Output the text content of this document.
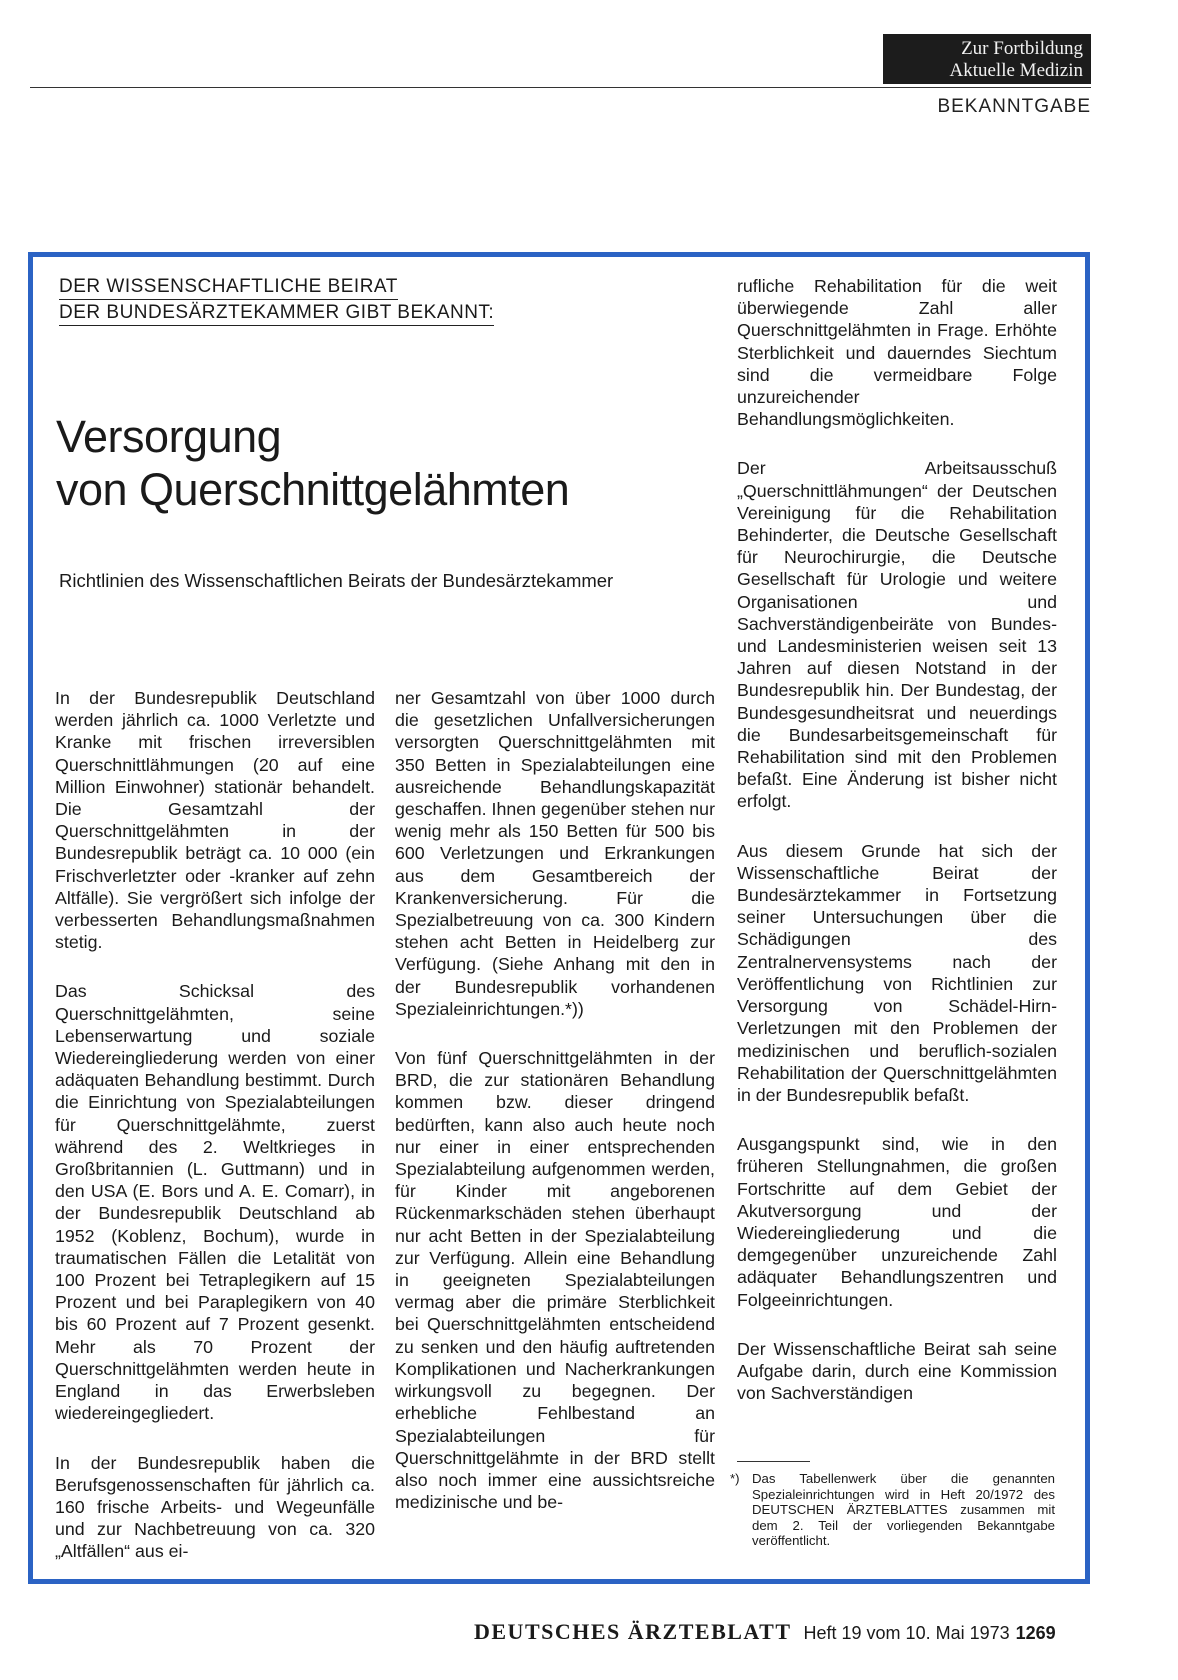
Zur Fortbildung
Aktuelle Medizin
BEKANNTGABE
DER WISSENSCHAFTLICHE BEIRAT
DER BUNDESÄRZTEKAMMER GIBT BEKANNT:
Versorgung
von Querschnittgelähmten
Richtlinien des Wissenschaftlichen Beirats der Bundesärztekammer

In der Bundesrepublik Deutschland werden jährlich ca. 1000 Verletzte und Kranke mit frischen irreversiblen Querschnittlähmungen (20 auf eine Million Einwohner) stationär behandelt. Die Gesamtzahl der Querschnittgelähmten in der Bundesrepublik beträgt ca. 10 000 (ein Frischverletzter oder -kranker auf zehn Altfälle). Sie vergrößert sich infolge der verbesserten Behandlungsmaßnahmen stetig.

Das Schicksal des Querschnittgelähmten, seine Lebenserwartung und soziale Wiedereingliederung werden von einer adäquaten Behandlung bestimmt. Durch die Einrichtung von Spezialabteilungen für Querschnittgelähmte, zuerst während des 2. Weltkrieges in Großbritannien (L. Guttmann) und in den USA (E. Bors und A. E. Comarr), in der Bundesrepublik Deutschland ab 1952 (Koblenz, Bochum), wurde in traumatischen Fällen die Letalität von 100 Prozent bei Tetraplegikern auf 15 Prozent und bei Paraplegikern von 40 bis 60 Prozent auf 7 Prozent gesenkt. Mehr als 70 Prozent der Querschnittgelähmten werden heute in England in das Erwerbsleben wiedereingegliedert.

In der Bundesrepublik haben die Berufsgenossenschaften für jährlich ca. 160 frische Arbeits- und Wegeunfälle und zur Nachbetreuung von ca. 320 „Altfällen“ aus ei-

ner Gesamtzahl von über 1000 durch die gesetzlichen Unfallversicherungen versorgten Querschnittgelähmten mit 350 Betten in Spezialabteilungen eine ausreichende Behandlungskapazität geschaffen. Ihnen gegenüber stehen nur wenig mehr als 150 Betten für 500 bis 600 Verletzungen und Erkrankungen aus dem Gesamtbereich der Krankenversicherung. Für die Spezialbetreuung von ca. 300 Kindern stehen acht Betten in Heidelberg zur Verfügung. (Siehe Anhang mit den in der Bundesrepublik vorhandenen Spezialeinrichtungen.*))

Von fünf Querschnittgelähmten in der BRD, die zur stationären Behandlung kommen bzw. dieser dringend bedürften, kann also auch heute noch nur einer in einer entsprechenden Spezialabteilung aufgenommen werden, für Kinder mit angeborenen Rückenmarkschäden stehen überhaupt nur acht Betten in der Spezialabteilung zur Verfügung. Allein eine Behandlung in geeigneten Spezialabteilungen vermag aber die primäre Sterblichkeit bei Querschnittgelähmten entscheidend zu senken und den häufig auftretenden Komplikationen und Nacherkrankungen wirkungsvoll zu begegnen. Der erhebliche Fehlbestand an Spezialabteilungen für Querschnittgelähmte in der BRD stellt also noch immer eine aussichtsreiche medizinische und be-

rufliche Rehabilitation für die weit überwiegende Zahl aller Querschnittgelähmten in Frage. Erhöhte Sterblichkeit und dauerndes Siechtum sind die vermeidbare Folge unzureichender Behandlungsmöglichkeiten.

Der Arbeitsausschuß „Querschnittlähmungen“ der Deutschen Vereinigung für die Rehabilitation Behinderter, die Deutsche Gesellschaft für Neurochirurgie, die Deutsche Gesellschaft für Urologie und weitere Organisationen und Sachverständigenbeiräte von Bundes- und Landesministerien weisen seit 13 Jahren auf diesen Notstand in der Bundesrepublik hin. Der Bundestag, der Bundesgesundheitsrat und neuerdings die Bundesarbeitsgemeinschaft für Rehabilitation sind mit den Problemen befaßt. Eine Änderung ist bisher nicht erfolgt.

Aus diesem Grunde hat sich der Wissenschaftliche Beirat der Bundesärztekammer in Fortsetzung seiner Untersuchungen über die Schädigungen des Zentralnervensystems nach der Veröffentlichung von Richtlinien zur Versorgung von Schädel-Hirn-Verletzungen mit den Problemen der medizinischen und beruflich-sozialen Rehabilitation der Querschnittgelähmten in der Bundesrepublik befaßt.

Ausgangspunkt sind, wie in den früheren Stellungnahmen, die großen Fortschritte auf dem Gebiet der Akutversorgung und der Wiedereingliederung und die demgegenüber unzureichende Zahl adäquater Behandlungszentren und Folgeeinrichtungen.

Der Wissenschaftliche Beirat sah seine Aufgabe darin, durch eine Kommission von Sachverständigen

*) Das Tabellenwerk über die genannten Spezialeinrichtungen wird in Heft 20/1972 des DEUTSCHEN ÄRZTEBLATTES zusammen mit dem 2. Teil der vorliegenden Bekanntgabe veröffentlicht.
DEUTSCHES ÄRZTEBLATT Heft 19 vom 10. Mai 1973 1269
